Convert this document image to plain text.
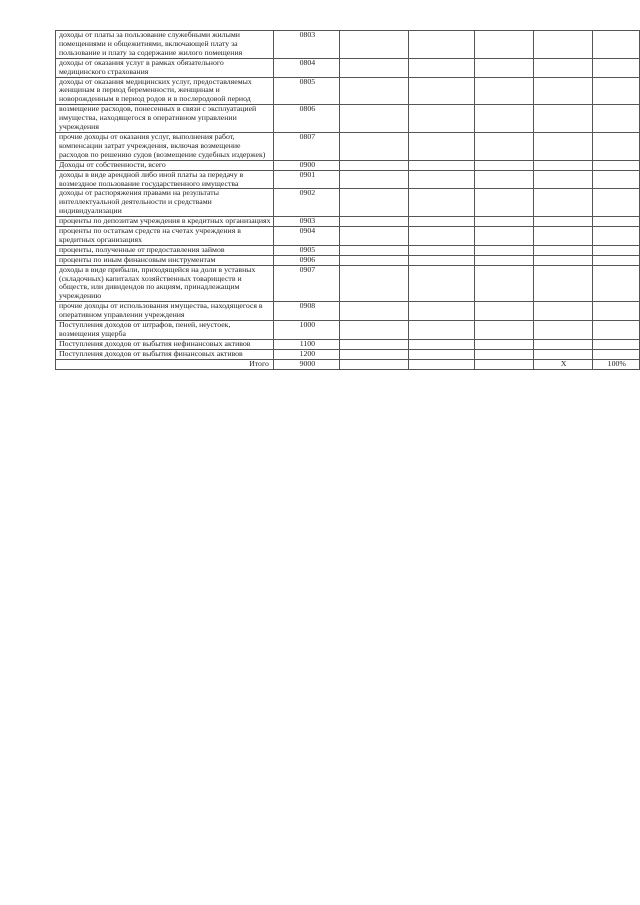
доходы от платы за пользование служебными жилыми помещениями и общежитиями, включающей плату за пользование и плату за содержание жилого помещения	0803					
доходы от оказания услуг в рамках обязательного медицинского страхования	0804					
доходы от оказания медицинских услуг, предоставляемых женщинам в период беременности, женщинам и новорожденным в период родов и в послеродовой период	0805					
возмещение расходов, понесенных в связи с эксплуатацией имущества, находящегося в оперативном управлении учреждения	0806					
прочие доходы от оказания услуг, выполнения работ, компенсации затрат учреждения, включая возмещение расходов по решению судов (возмещение судебных издержек)	0807					
Доходы от собственности, всего	0900					
доходы в виде арендной либо иной платы за передачу в возмездное пользование государственного имущества	0901					
доходы от распоряжения правами на результаты интеллектуальной деятельности и средствами индивидуализации	0902					
проценты по депозитам учреждения в кредитных организациях	0903					
проценты по остаткам средств на счетах учреждения в кредитных организациях	0904					
проценты, полученные от предоставления займов	0905					
проценты по иным финансовым инструментам	0906					
доходы в виде прибыли, приходящейся на доли в уставных (складочных) капиталах хозяйственных товариществ и обществ, или дивидендов по акциям, принадлежащим учреждению	0907					
прочие доходы от использования имущества, находящегося в оперативном управлении учреждения	0908					
Поступления доходов от штрафов, пеней, неустоек, возмещения ущерба	1000					
Поступления доходов от выбытия нефинансовых активов	1100					
Поступления доходов от выбытия финансовых активов	1200					
Итого	9000				X	100%
